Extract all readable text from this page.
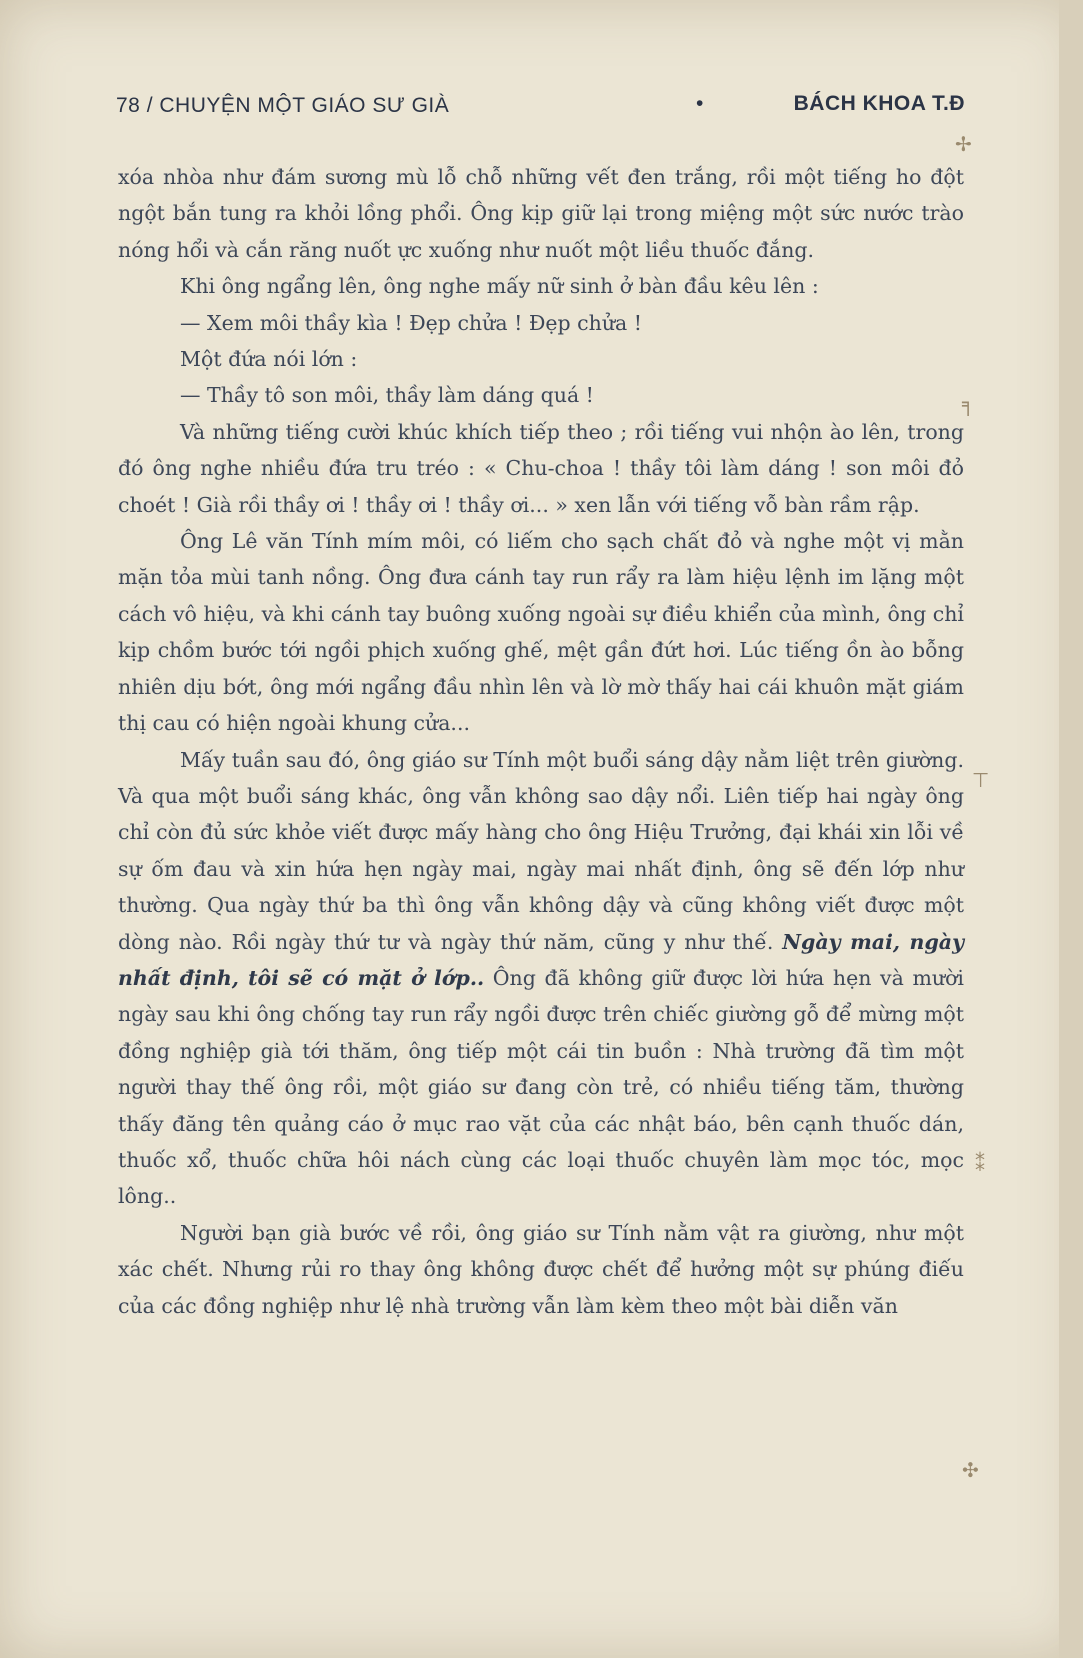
78 / CHUYỆN MỘT GIÁO SƯ GIÀ	•	BÁCH KHOA T.Đ

xóa nhòa như đám sương mù lỗ chỗ những vết đen trắng, rồi một tiếng ho đột ngột bắn tung ra khỏi lồng phổi. Ông kịp giữ lại trong miệng một sức nước trào nóng hổi và cắn răng nuốt ực xuống như nuốt một liều thuốc đắng.

Khi ông ngẩng lên, ông nghe mấy nữ sinh ở bàn đầu kêu lên :

— Xem môi thầy kìa ! Đẹp chửa ! Đẹp chửa !

Một đứa nói lớn :

— Thầy tô son môi, thầy làm dáng quá !

Và những tiếng cười khúc khích tiếp theo ; rồi tiếng vui nhộn ào lên, trong đó ông nghe nhiều đứa tru tréo : « Chu-choa ! thầy tôi làm dáng ! son môi đỏ choét ! Già rồi thầy ơi ! thầy ơi ! thầy ơi... » xen lẫn với tiếng vỗ bàn rầm rập.

Ông Lê văn Tính mím môi, có liếm cho sạch chất đỏ và nghe một vị mằn mặn tỏa mùi tanh nồng. Ông đưa cánh tay run rẩy ra làm hiệu lệnh im lặng một cách vô hiệu, và khi cánh tay buông xuống ngoài sự điều khiển của mình, ông chỉ kịp chồm bước tới ngồi phịch xuống ghế, mệt gần đứt hơi. Lúc tiếng ồn ào bỗng nhiên dịu bớt, ông mới ngẩng đầu nhìn lên và lờ mờ thấy hai cái khuôn mặt giám thị cau có hiện ngoài khung cửa...

Mấy tuần sau đó, ông giáo sư Tính một buổi sáng dậy nằm liệt trên giường. Và qua một buổi sáng khác, ông vẫn không sao dậy nổi. Liên tiếp hai ngày ông chỉ còn đủ sức khỏe viết được mấy hàng cho ông Hiệu Trưởng, đại khái xin lỗi về sự ốm đau và xin hứa hẹn ngày mai, ngày mai nhất định, ông sẽ đến lớp như thường. Qua ngày thứ ba thì ông vẫn không dậy và cũng không viết được một dòng nào. Rồi ngày thứ tư và ngày thứ năm, cũng y như thế. Ngày mai, ngày nhất định, tôi sẽ có mặt ở lớp.. Ông đã không giữ được lời hứa hẹn và mười ngày sau khi ông chống tay run rẩy ngồi được trên chiếc giường gỗ để mừng một đồng nghiệp già tới thăm, ông tiếp một cái tin buồn : Nhà trường đã tìm một người thay thế ông rồi, một giáo sư đang còn trẻ, có nhiều tiếng tăm, thường thấy đăng tên quảng cáo ở mục rao vặt của các nhật báo, bên cạnh thuốc dán, thuốc xổ, thuốc chữa hôi nách cùng các loại thuốc chuyên làm mọc tóc, mọc lông..

Người bạn già bước về rồi, ông giáo sư Tính nằm vật ra giường, như một xác chết. Nhưng rủi ro thay ông không được chết để hưởng một sự phúng điếu của các đồng nghiệp như lệ nhà trường vẫn làm kèm theo một bài diễn văn

✢
╕
⊤
⁑
✣
